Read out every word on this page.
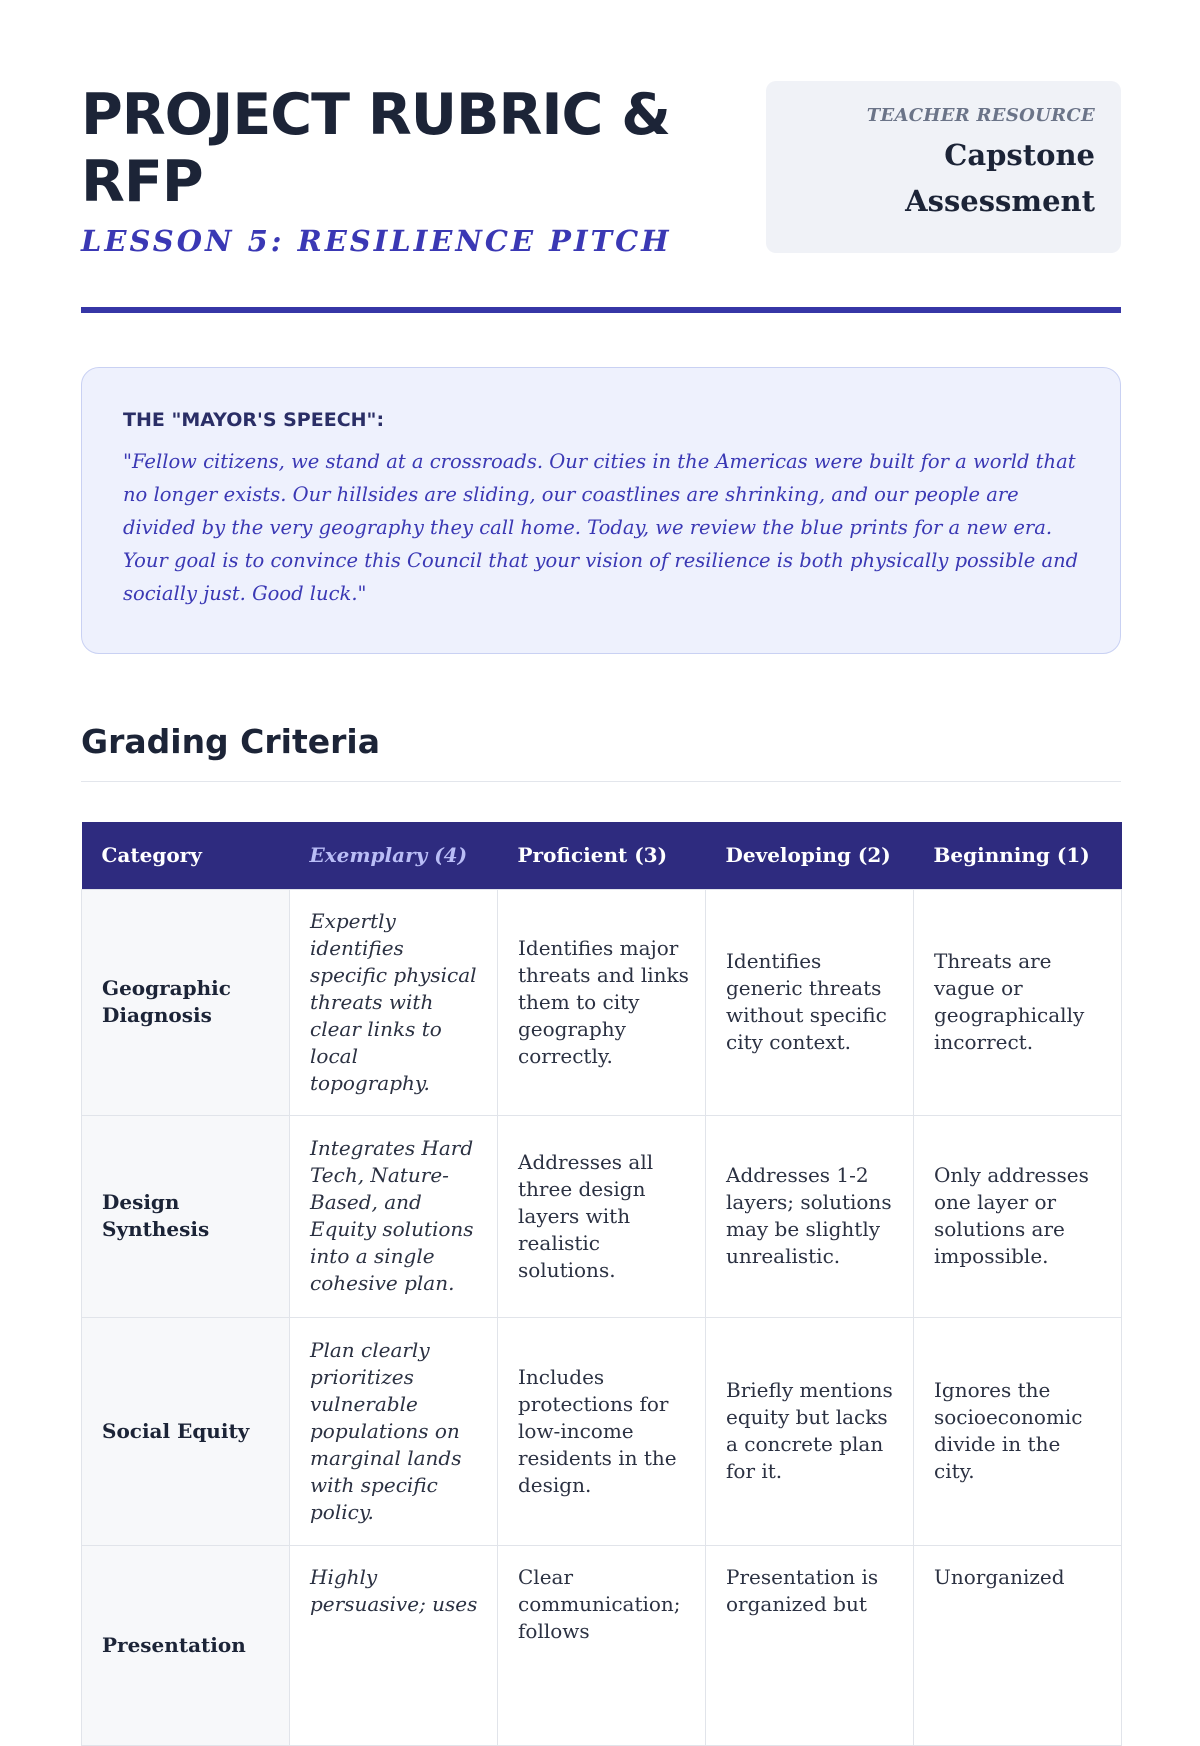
PROJECT RUBRIC & RFP
LESSON 5: RESILIENCE PITCH
TEACHER RESOURCE
Capstone Assessment
THE "MAYOR'S SPEECH":

"Fellow citizens, we stand at a crossroads. Our cities in the Americas were built for a world that no longer exists. Our hillsides are sliding, our coastlines are shrinking, and our people are divided by the very geography they call home. Today, we review the blue prints for a new era. Your goal is to convince this Council that your vision of resilience is both physically possible and socially just. Good luck."

Grading Criteria
Category	Exemplary (4)	Proficient (3)	Developing (2)	Beginning (1)
Geographic Diagnosis	Expertly identifies specific physical threats with clear links to local topography.	Identifies major threats and links them to city geography correctly.	Identifies generic threats without specific city context.	Threats are vague or geographically incorrect.
Design Synthesis	Integrates Hard Tech, Nature-Based, and Equity solutions into a single cohesive plan.	Addresses all three design layers with realistic solutions.	Addresses 1-2 layers; solutions may be slightly unrealistic.	Only addresses one layer or solutions are impossible.
Social Equity	Plan clearly prioritizes vulnerable populations on marginal lands with specific policy.	Includes protections for low-income residents in the design.	Briefly mentions equity but lacks a concrete plan for it.	Ignores the socioeconomic divide in the city.
Presentation	Highly persuasive; uses	Clear communication; follows	Presentation is organized but	Unorganized
